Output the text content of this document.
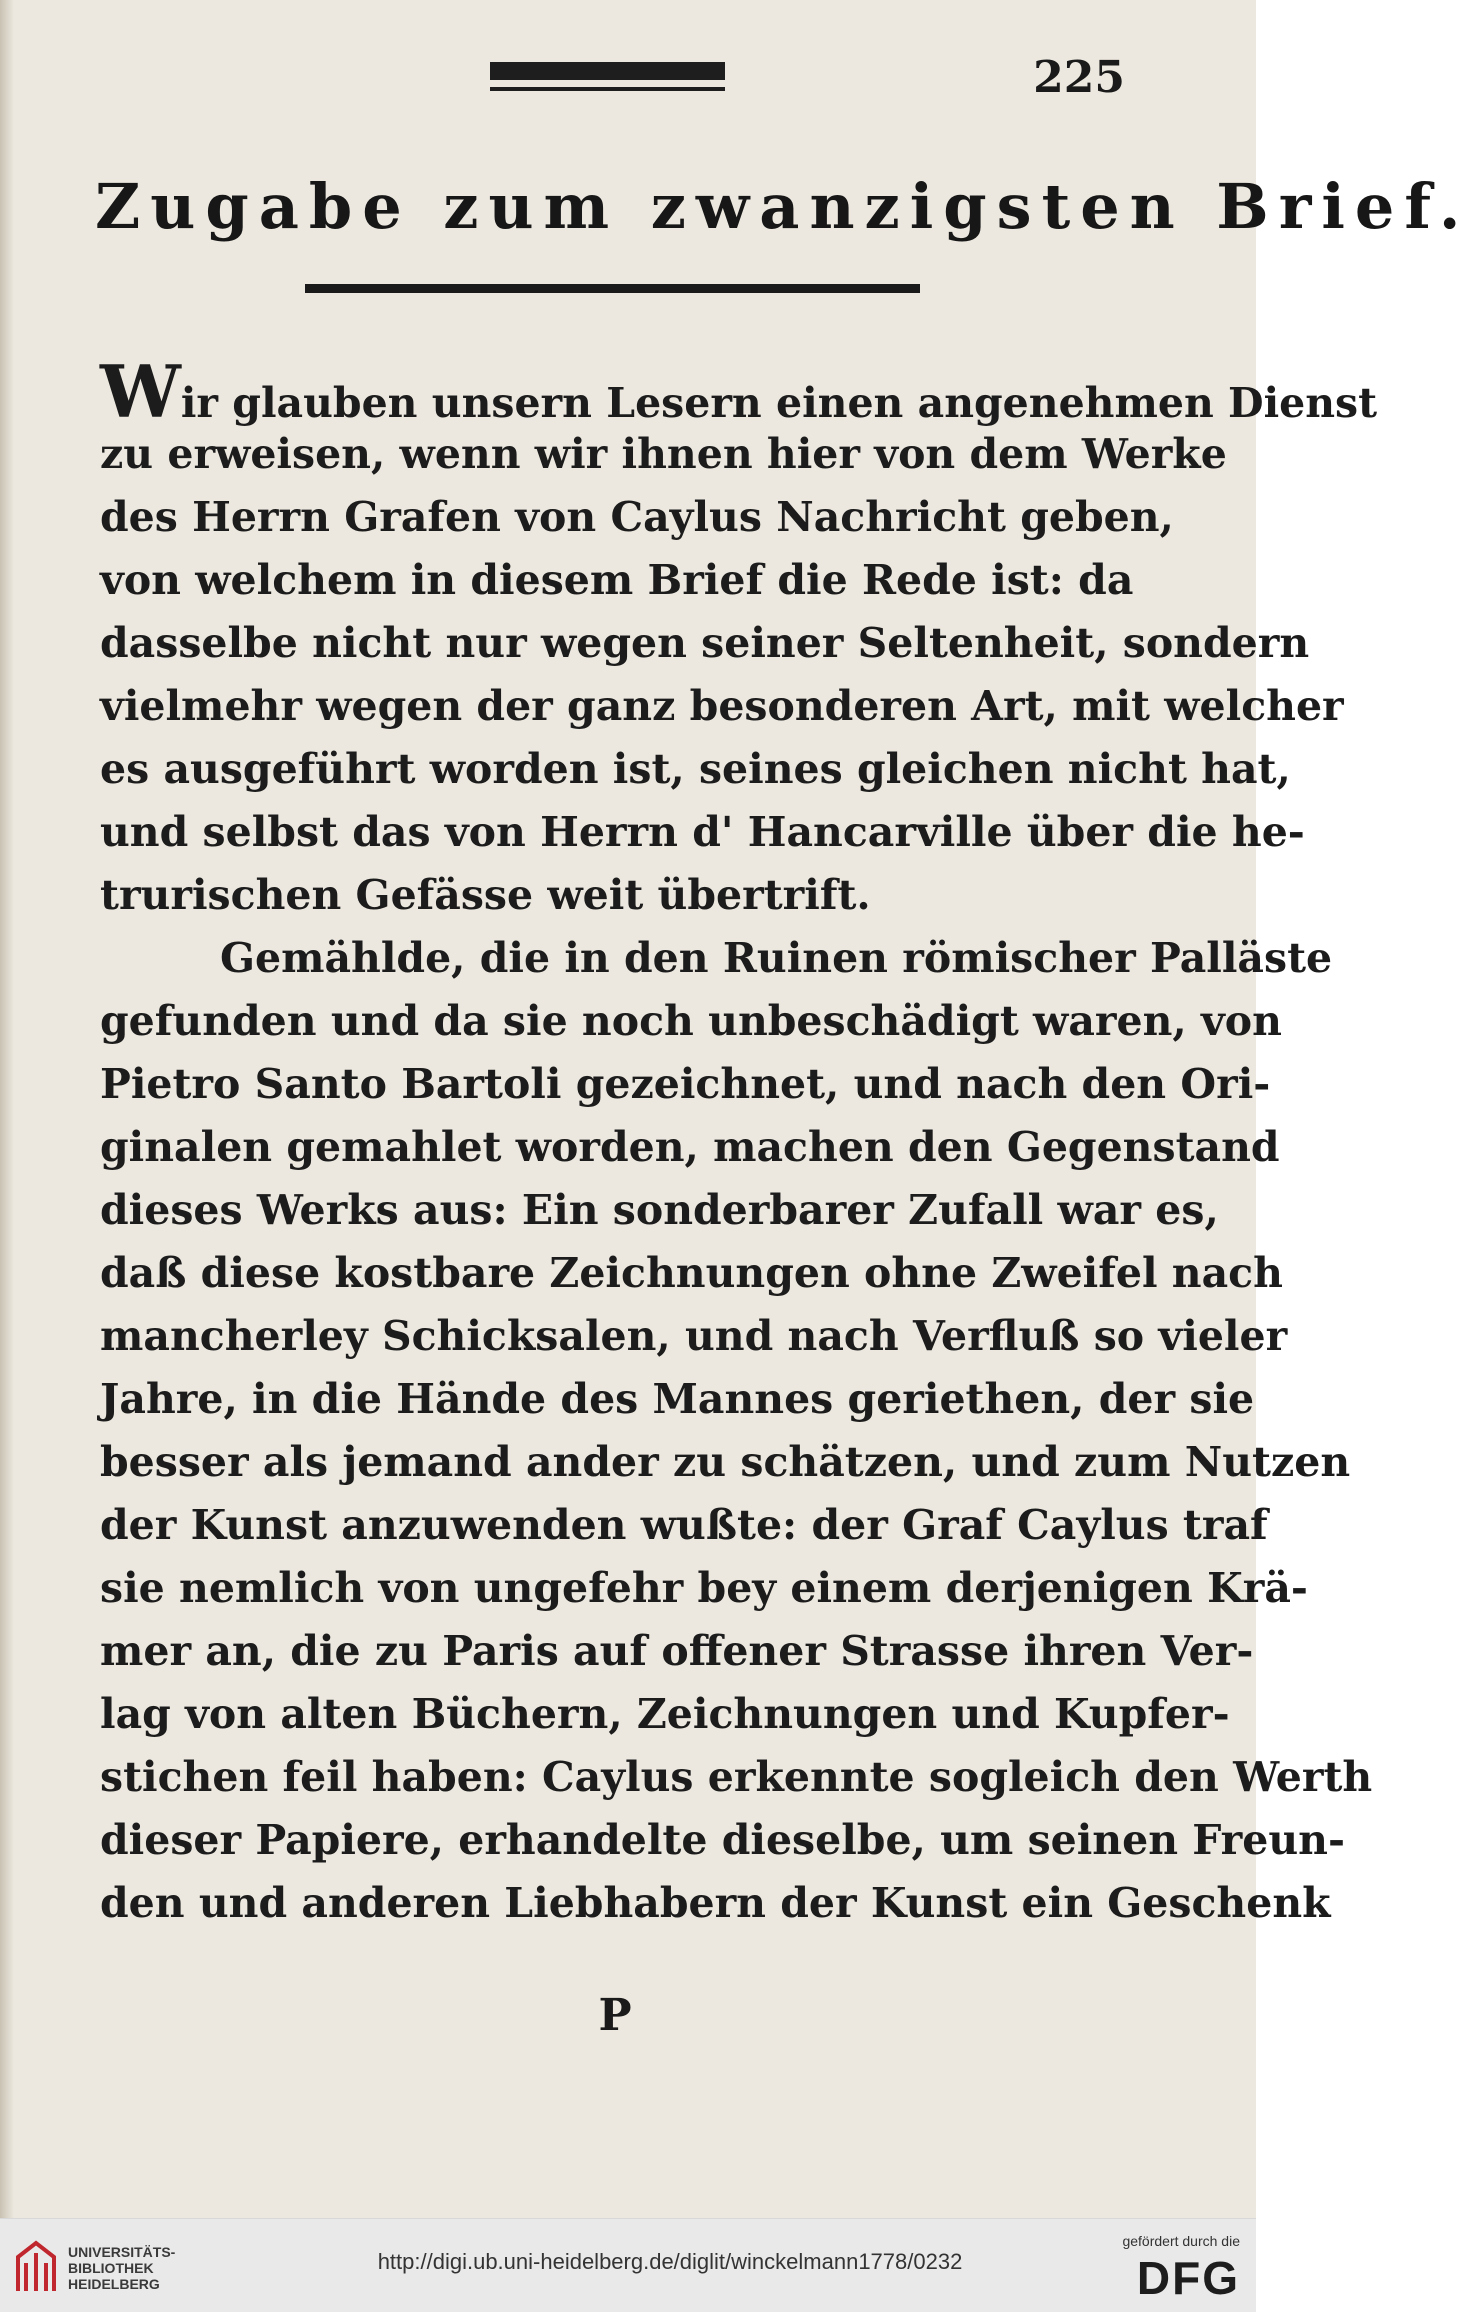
225
Zugabe zum zwanzigsten Brief.
Wir glauben unsern Lesern einen angenehmen Dienst
zu erweisen, wenn wir ihnen hier von dem Werke
des Herrn Grafen von Caylus Nachricht geben,
von welchem in diesem Brief die Rede ist: da
dasselbe nicht nur wegen seiner Seltenheit, sondern
vielmehr wegen der ganz besonderen Art, mit welcher
es ausgeführt worden ist, seines gleichen nicht hat,
und selbst das von Herrn d' Hancarville über die he-
trurischen Gefässe weit übertrift.
Gemählde, die in den Ruinen römischer Palläste
gefunden und da sie noch unbeschädigt waren, von
Pietro Santo Bartoli gezeichnet, und nach den Ori-
ginalen gemahlet worden, machen den Gegenstand
dieses Werks aus: Ein sonderbarer Zufall war es,
daß diese kostbare Zeichnungen ohne Zweifel nach
mancherley Schicksalen, und nach Verfluß so vieler
Jahre, in die Hände des Mannes geriethen, der sie
besser als jemand ander zu schätzen, und zum Nutzen
der Kunst anzuwenden wußte: der Graf Caylus traf
sie nemlich von ungefehr bey einem derjenigen Krä-
mer an, die zu Paris auf offener Strasse ihren Ver-
lag von alten Büchern, Zeichnungen und Kupfer-
stichen feil haben: Caylus erkennte sogleich den Werth
dieser Papiere, erhandelte dieselbe, um seinen Freun-
den und anderen Liebhabern der Kunst ein Geschenk
P
UNIVERSITÄTS-
BIBLIOTHEK
HEIDELBERG
http://digi.ub.uni-heidelberg.de/diglit/winckelmann1778/0232
gefördert durch die
DFG
